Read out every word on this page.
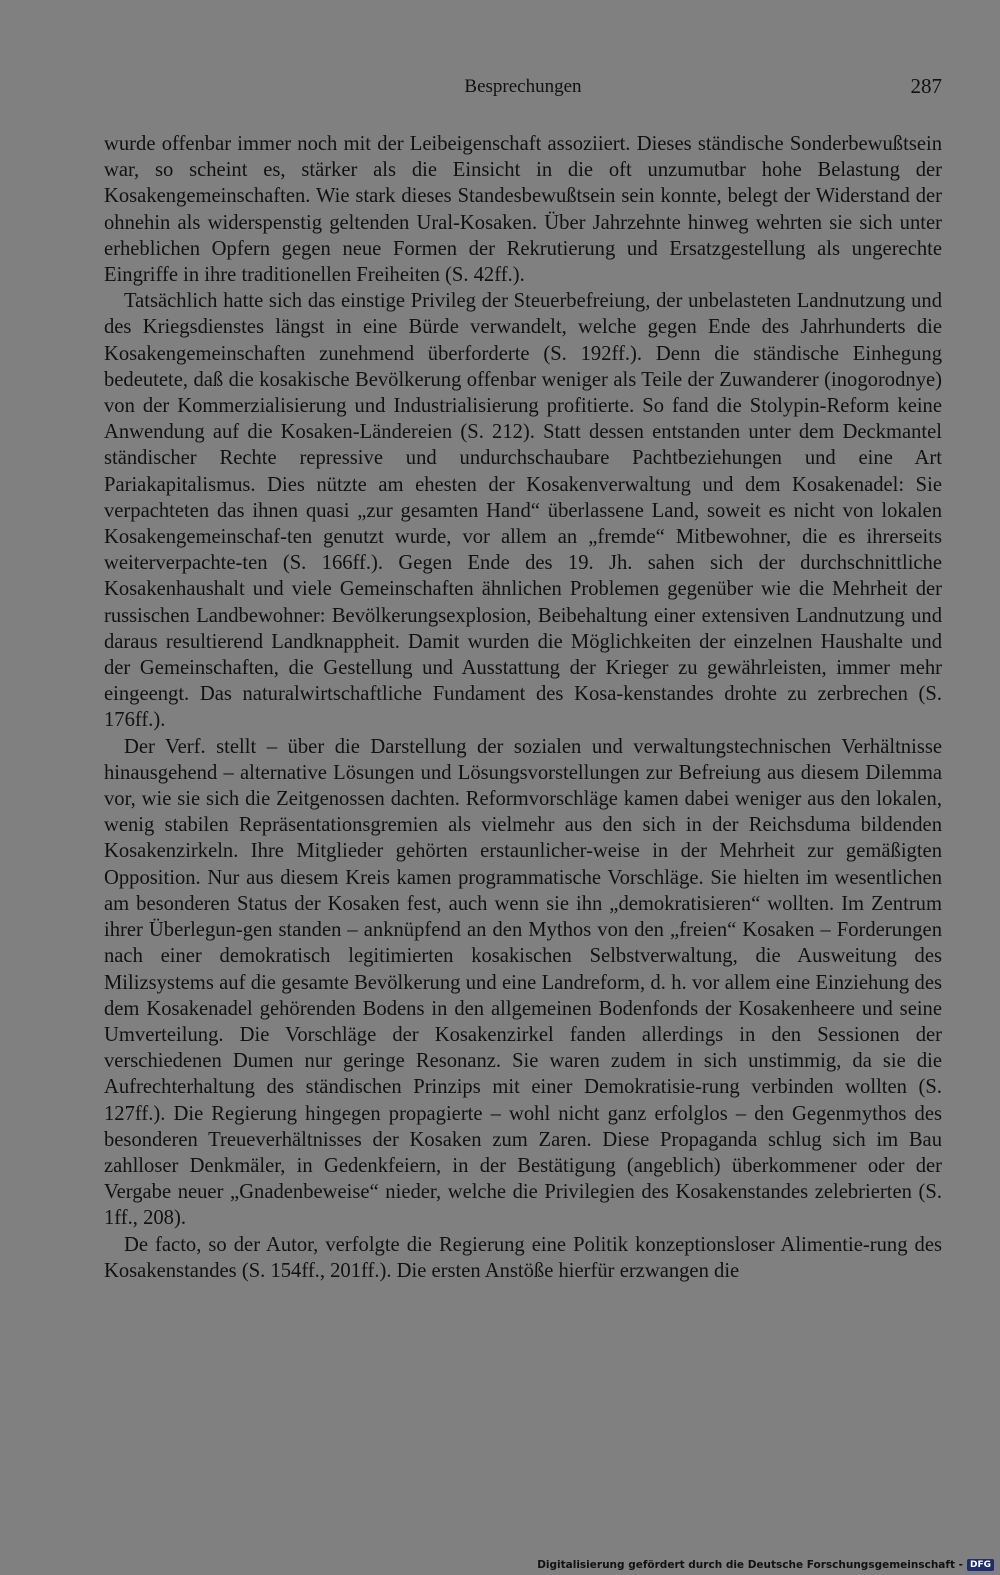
Besprechungen	287

wurde offenbar immer noch mit der Leibeigenschaft assoziiert. Dieses ständische Sonderbewußtsein war, so scheint es, stärker als die Einsicht in die oft unzumutbar hohe Belastung der Kosakengemeinschaften. Wie stark dieses Standesbewußtsein sein konnte, belegt der Widerstand der ohnehin als widerspenstig geltenden Ural-Kosaken. Über Jahrzehnte hinweg wehrten sie sich unter erheblichen Opfern gegen neue Formen der Rekrutierung und Ersatzgestellung als ungerechte Eingriffe in ihre traditionellen Freiheiten (S. 42ff.).

Tatsächlich hatte sich das einstige Privileg der Steuerbefreiung, der unbelasteten Landnutzung und des Kriegsdienstes längst in eine Bürde verwandelt, welche gegen Ende des Jahrhunderts die Kosakengemeinschaften zunehmend überforderte (S. 192ff.). Denn die ständische Einhegung bedeutete, daß die kosakische Bevölkerung offenbar weniger als Teile der Zuwanderer (inogorodnye) von der Kommerzialisierung und Industrialisierung profitierte. So fand die Stolypin-Reform keine Anwendung auf die Kosaken-Ländereien (S. 212). Statt dessen entstanden unter dem Deckmantel ständischer Rechte repressive und undurchschaubare Pachtbeziehungen und eine Art Pariakapitalismus. Dies nützte am ehesten der Kosakenverwaltung und dem Kosakenadel: Sie verpachteten das ihnen quasi „zur gesamten Hand“ überlassene Land, soweit es nicht von lokalen Kosakengemeinschaf-ten genutzt wurde, vor allem an „fremde“ Mitbewohner, die es ihrerseits weiterverpachte-ten (S. 166ff.). Gegen Ende des 19. Jh. sahen sich der durchschnittliche Kosakenhaushalt und viele Gemeinschaften ähnlichen Problemen gegenüber wie die Mehrheit der russischen Landbewohner: Bevölkerungsexplosion, Beibehaltung einer extensiven Landnutzung und daraus resultierend Landknappheit. Damit wurden die Möglichkeiten der einzelnen Haushalte und der Gemeinschaften, die Gestellung und Ausstattung der Krieger zu gewährleisten, immer mehr eingeengt. Das naturalwirtschaftliche Fundament des Kosa-kenstandes drohte zu zerbrechen (S. 176ff.).

Der Verf. stellt – über die Darstellung der sozialen und verwaltungstechnischen Verhältnisse hinausgehend – alternative Lösungen und Lösungsvorstellungen zur Befreiung aus diesem Dilemma vor, wie sie sich die Zeitgenossen dachten. Reformvorschläge kamen dabei weniger aus den lokalen, wenig stabilen Repräsentationsgremien als vielmehr aus den sich in der Reichsduma bildenden Kosakenzirkeln. Ihre Mitglieder gehörten erstaunlicher-weise in der Mehrheit zur gemäßigten Opposition. Nur aus diesem Kreis kamen programmatische Vorschläge. Sie hielten im wesentlichen am besonderen Status der Kosaken fest, auch wenn sie ihn „demokratisieren“ wollten. Im Zentrum ihrer Überlegun-gen standen – anknüpfend an den Mythos von den „freien“ Kosaken – Forderungen nach einer demokratisch legitimierten kosakischen Selbstverwaltung, die Ausweitung des Milizsystems auf die gesamte Bevölkerung und eine Landreform, d. h. vor allem eine Einziehung des dem Kosakenadel gehörenden Bodens in den allgemeinen Bodenfonds der Kosakenheere und seine Umverteilung. Die Vorschläge der Kosakenzirkel fanden allerdings in den Sessionen der verschiedenen Dumen nur geringe Resonanz. Sie waren zudem in sich unstimmig, da sie die Aufrechterhaltung des ständischen Prinzips mit einer Demokratisie-rung verbinden wollten (S. 127ff.). Die Regierung hingegen propagierte – wohl nicht ganz erfolglos – den Gegenmythos des besonderen Treueverhältnisses der Kosaken zum Zaren. Diese Propaganda schlug sich im Bau zahlloser Denkmäler, in Gedenkfeiern, in der Bestätigung (angeblich) überkommener oder der Vergabe neuer „Gnadenbeweise“ nieder, welche die Privilegien des Kosakenstandes zelebrierten (S. 1ff., 208).

De facto, so der Autor, verfolgte die Regierung eine Politik konzeptionsloser Alimentie-rung des Kosakenstandes (S. 154ff., 201ff.). Die ersten Anstöße hierfür erzwangen die

Digitalisierung gefördert durch die Deutsche Forschungsgemeinschaft - DFG
